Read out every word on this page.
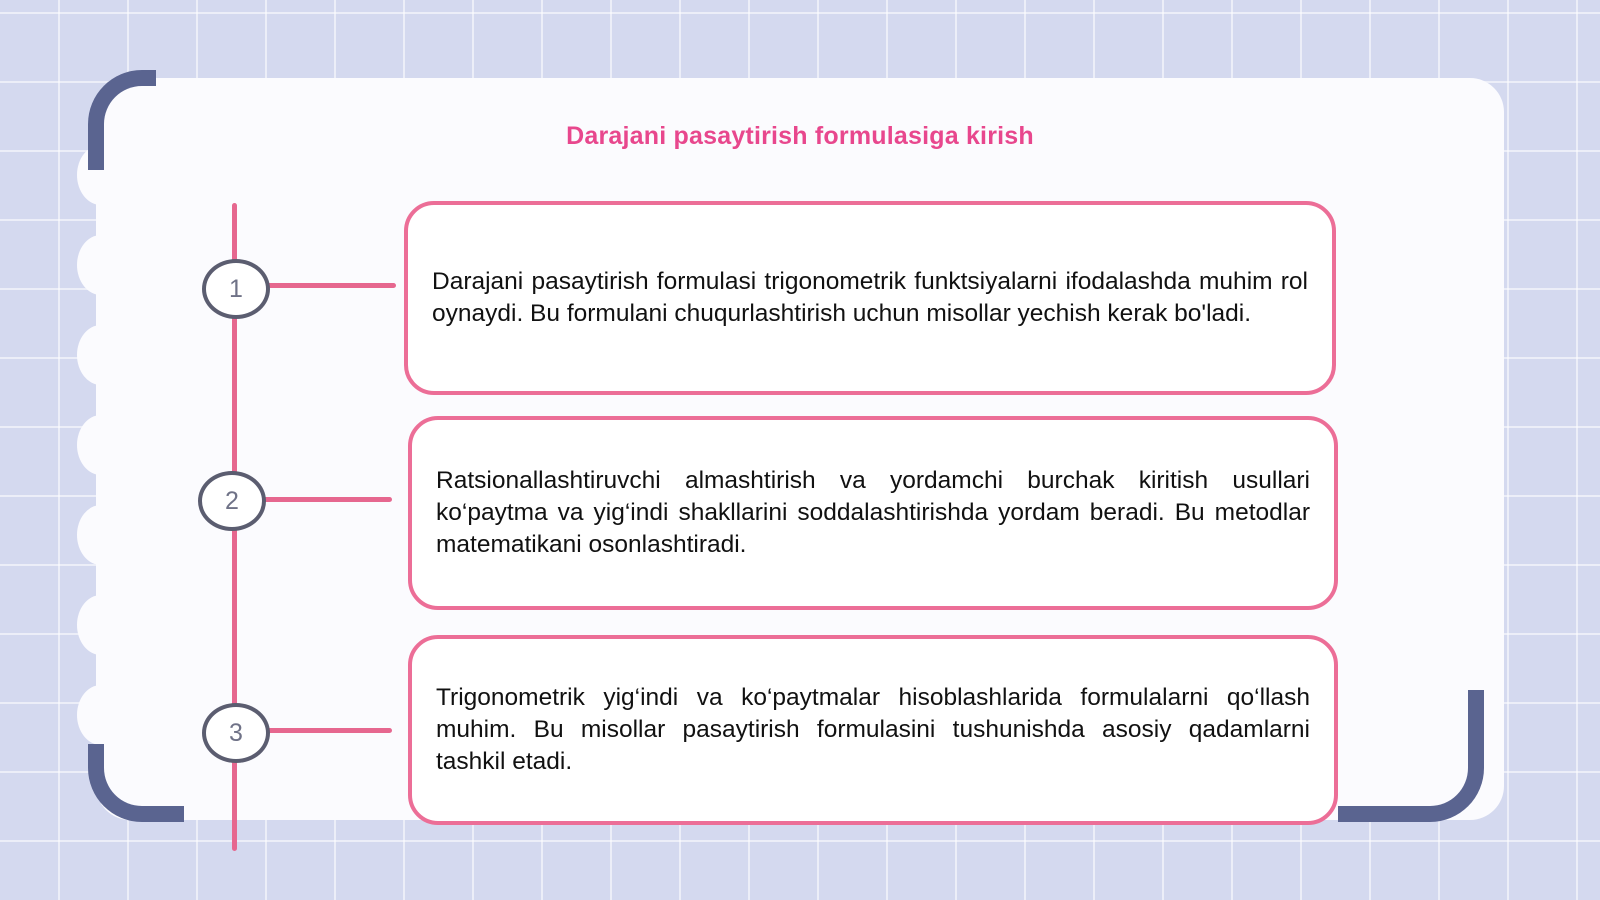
Darajani pasaytirish formulasiga kirish
1
2
3

Darajani pasaytirish formulasi trigonometrik funktsiyalarni ifodalashda muhim rol oynaydi. Bu formulani chuqurlashtirish uchun misollar yechish kerak bo'ladi.

Ratsionallashtiruvchi almashtirish va yordamchi burchak kiritish usullari ko‘paytma va yig‘indi shakllarini soddalashtirishda yordam beradi. Bu metodlar matematikani osonlashtiradi.

Trigonometrik yig‘indi va ko‘paytmalar hisoblashlarida formulalarni qo‘llash muhim. Bu misollar pasaytirish formulasini tushunishda asosiy qadamlarni tashkil etadi.
